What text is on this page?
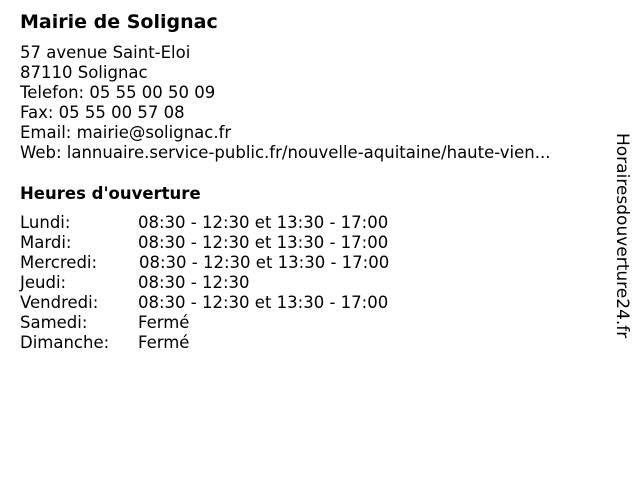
Mairie de Solignac
57 avenue Saint-Eloi
87110 Solignac
Telefon: 05 55 00 50 09
Fax: 05 55 00 57 08
Email: mairie@solignac.fr
Web: lannuaire.service-public.fr/nouvelle-aquitaine/haute-vien...
Heures d'ouverture
Lundi:	08:30 - 12:30 et 13:30 - 17:00
Mardi:	08:30 - 12:30 et 13:30 - 17:00
Mercredi:	08:30 - 12:30 et 13:30 - 17:00
Jeudi:	08:30 - 12:30
Vendredi: 08:30 - 12:30 et 13:30 - 17:00
Samedi:	Fermé
Dimanche: Fermé
Horairesdouverture24.fr
